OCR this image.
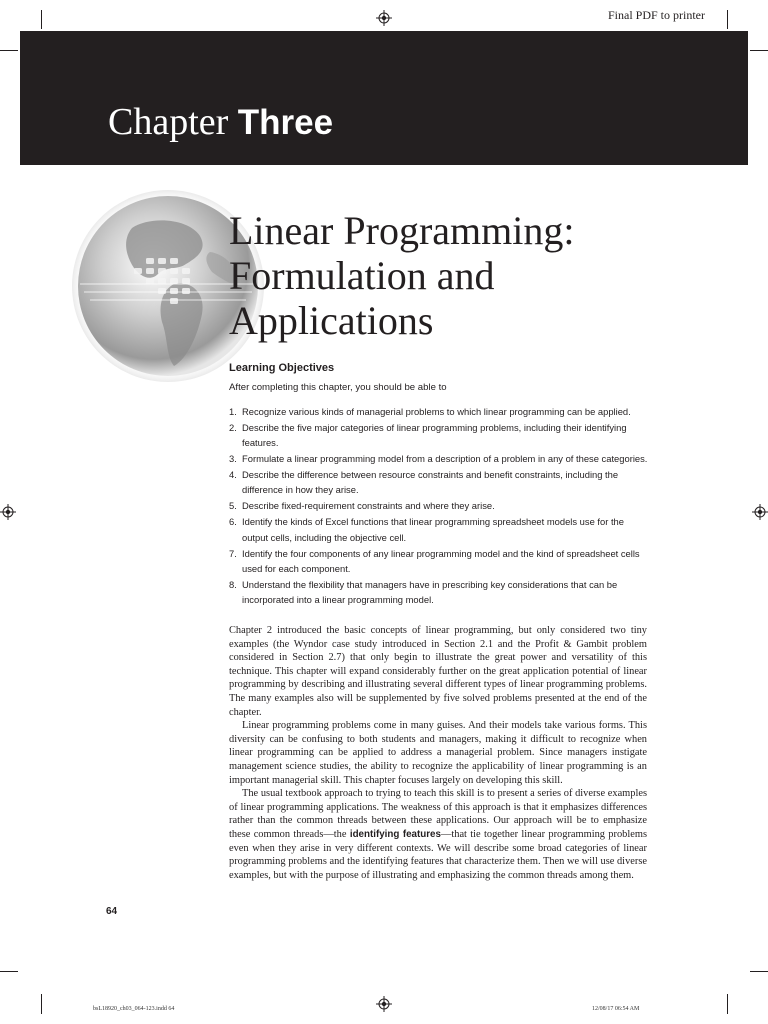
Final PDF to printer
bsL18920_ch03_064-123.indd 64	12/08/17 06:54 AM
Chapter Three
Linear Programming:
Formulation and
Applications
Learning Objectives
After completing this chapter, you should be able to
1. Recognize various kinds of managerial problems to which linear programming can be applied.
2. Describe the five major categories of linear programming problems, including their identifying features.
3. Formulate a linear programming model from a description of a problem in any of these categories.
4. Describe the difference between resource constraints and benefit constraints, including the difference in how they arise.
5. Describe fixed-requirement constraints and where they arise.
6. Identify the kinds of Excel functions that linear programming spreadsheet models use for the output cells, including the objective cell.
7. Identify the four components of any linear programming model and the kind of spreadsheet cells used for each component.
8. Understand the flexibility that managers have in prescribing key considerations that can be incorporated into a linear programming model.

Chapter 2 introduced the basic concepts of linear programming, but only considered two tiny examples (the Wyndor case study introduced in Section 2.1 and the Profit & Gambit problem considered in Section 2.7) that only begin to illustrate the great power and versatility of this technique. This chapter will expand considerably further on the great application potential of linear programming by describing and illustrating several different types of linear programming problems. The many examples also will be supplemented by five solved problems presented at the end of the chapter.

Linear programming problems come in many guises. And their models take various forms. This diversity can be confusing to both students and managers, making it difficult to recognize when linear programming can be applied to address a managerial problem. Since managers instigate management science studies, the ability to recognize the applicability of linear programming is an important managerial skill. This chapter focuses largely on developing this skill.

The usual textbook approach to trying to teach this skill is to present a series of diverse examples of linear programming applications. The weakness of this approach is that it emphasizes differences rather than the common threads between these applications. Our approach will be to emphasize these common threads—the identifying features—that tie together linear programming problems even when they arise in very different contexts. We will describe some broad categories of linear programming problems and the identifying features that characterize them. Then we will use diverse examples, but with the purpose of illustrating and emphasizing the common threads among them.

64
